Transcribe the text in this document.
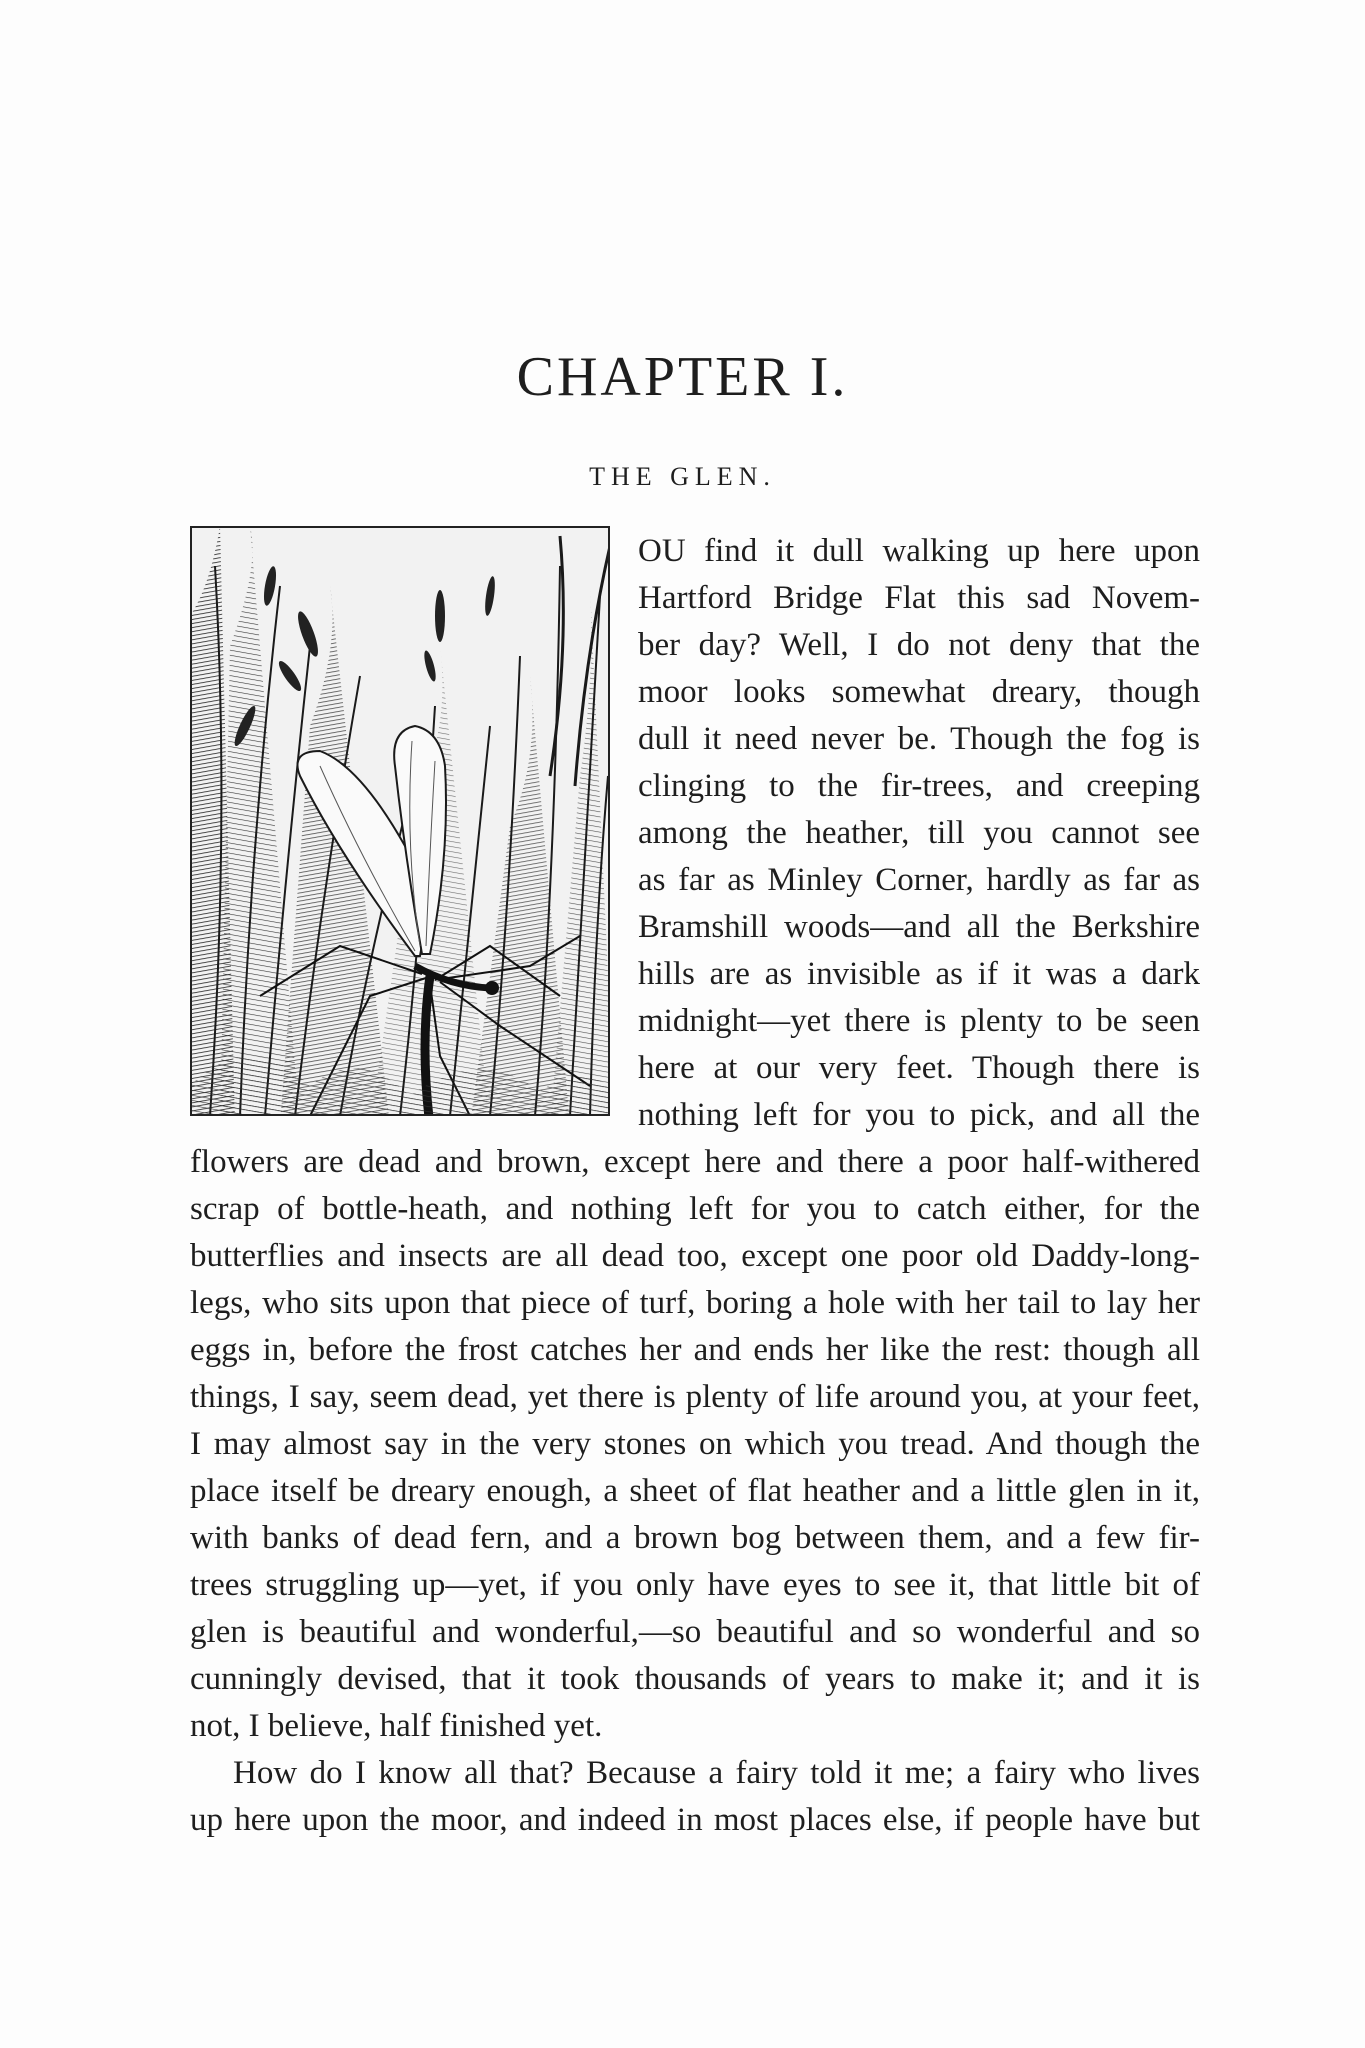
CHAPTER I.
THE GLEN.
OU find it dull walking up here upon
Hartford Bridge Flat this sad Novem-
ber day? Well, I do not deny that the
moor looks somewhat dreary, though
dull it need never be. Though the fog is
clinging to the fir-trees, and creeping
among the heather, till you cannot see
as far as Minley Corner, hardly as far as
Bramshill woods—and all the Berkshire
hills are as invisible as if it was a dark
midnight—yet there is plenty to be seen
here at our very feet. Though there is
nothing left for you to pick, and all the
flowers are dead and brown, except here and there a poor half-withered
scrap of bottle-heath, and nothing left for you to catch either, for the
butterflies and insects are all dead too, except one poor old Daddy-long-
legs, who sits upon that piece of turf, boring a hole with her tail to lay her
eggs in, before the frost catches her and ends her like the rest: though all
things, I say, seem dead, yet there is plenty of life around you, at your feet,
I may almost say in the very stones on which you tread. And though the
place itself be dreary enough, a sheet of flat heather and a little glen in it,
with banks of dead fern, and a brown bog between them, and a few fir-
trees struggling up—yet, if you only have eyes to see it, that little bit of
glen is beautiful and wonderful,—so beautiful and so wonderful and so
cunningly devised, that it took thousands of years to make it; and it is
not, I believe, half finished yet.
How do I know all that? Because a fairy told it me; a fairy who lives
up here upon the moor, and indeed in most places else, if people have but
